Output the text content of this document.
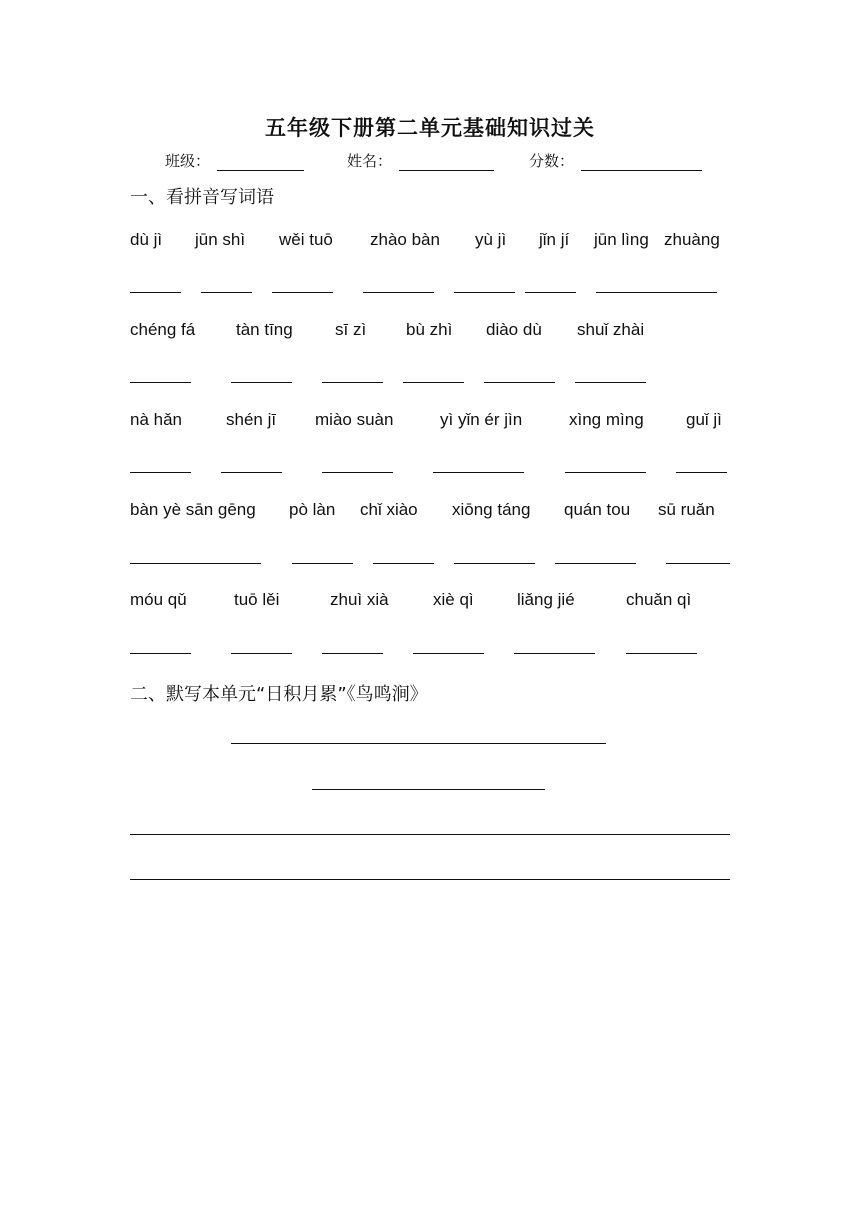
五年级下册第二单元基础知识过关
班级：	姓名：	分数：
一、看拼音写词语
dù jì jūn shì wěi tuō zhào bàn yù jì jǐn jí jūn lìng zhuàng
chéng fá tàn tīng sī zì bù zhì diào dù shuǐ zhài
nà hǎn	shén jī miào suàn	yì yǐn ér jìn	xìng mìng guǐ jì
bàn yè sān gēng pò làn chǐ xiào xiōng táng quán tou sū ruǎn
móu qǔ	tuō lěi	zhuì xià	xiè qì	liǎng jié	chuǎn qì
二、默写本单元“日积月累”《鸟鸣涧》
